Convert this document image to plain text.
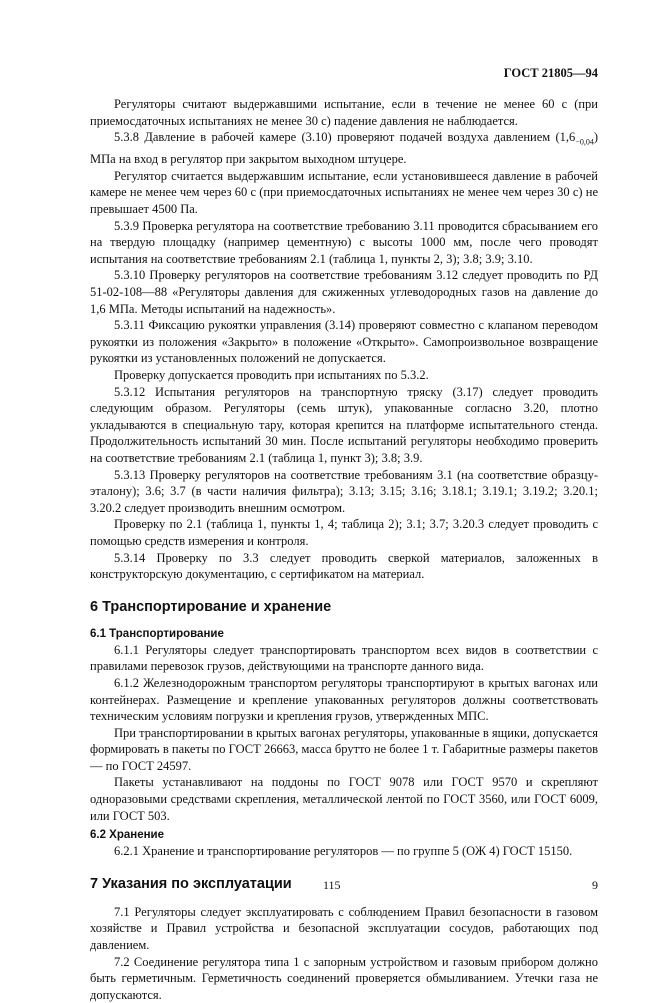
ГОСТ 21805—94

Регуляторы считают выдержавшими испытание, если в течение не менее 60 с (при приемосдаточных испытаниях не менее 30 с) падение давления не наблюдается.

5.3.8 Давление в рабочей камере (3.10) проверяют подачей воздуха давлением $(1,6_{-0,04})$ МПа на вход в регулятор при закрытом выходном штуцере.

Регулятор считается выдержавшим испытание, если установившееся давление в рабочей камере не менее чем через 60 с (при приемосдаточных испытаниях не менее чем через 30 с) не превышает 4500 Па.

5.3.9 Проверка регулятора на соответствие требованию 3.11 проводится сбрасыванием его на твердую площадку (например цементную) с высоты 1000 мм, после чего проводят испытания на соответствие требованиям 2.1 (таблица 1, пункты 2, 3); 3.8; 3.9; 3.10.

5.3.10 Проверку регуляторов на соответствие требованиям 3.12 следует проводить по РД 51-02-108—88 «Регуляторы давления для сжиженных углеводородных газов на давление до 1,6 МПа. Методы испытаний на надежность».

5.3.11 Фиксацию рукоятки управления (3.14) проверяют совместно с клапаном переводом рукоятки из положения «Закрыто» в положение «Открыто». Самопроизвольное возвращение рукоятки из установленных положений не допускается.

Проверку допускается проводить при испытаниях по 5.3.2.

5.3.12 Испытания регуляторов на транспортную тряску (3.17) следует проводить следующим образом. Регуляторы (семь штук), упакованные согласно 3.20, плотно укладываются в специальную тару, которая крепится на платформе испытательного стенда. Продолжительность испытаний 30 мин. После испытаний регуляторы необходимо проверить на соответствие требованиям 2.1 (таблица 1, пункт 3); 3.8; 3.9.

5.3.13 Проверку регуляторов на соответствие требованиям 3.1 (на соответствие образцу-эталону); 3.6; 3.7 (в части наличия фильтра); 3.13; 3.15; 3.16; 3.18.1; 3.19.1; 3.19.2; 3.20.1; 3.20.2 следует производить внешним осмотром.

Проверку по 2.1 (таблица 1, пункты 1, 4; таблица 2); 3.1; 3.7; 3.20.3 следует проводить с помощью средств измерения и контроля.

5.3.14 Проверку по 3.3 следует проводить сверкой материалов, заложенных в конструкторскую документацию, с сертификатом на материал.

6 Транспортирование и хранение
6.1 Транспортирование

6.1.1 Регуляторы следует транспортировать транспортом всех видов в соответствии с правилами перевозок грузов, действующими на транспорте данного вида.

6.1.2 Железнодорожным транспортом регуляторы транспортируют в крытых вагонах или контейнерах. Размещение и крепление упакованных регуляторов должны соответствовать техническим условиям погрузки и крепления грузов, утвержденных МПС.

При транспортировании в крытых вагонах регуляторы, упакованные в ящики, допускается формировать в пакеты по ГОСТ 26663, масса брутто не более 1 т. Габаритные размеры пакетов — по ГОСТ 24597.

Пакеты устанавливают на поддоны по ГОСТ 9078 или ГОСТ 9570 и скрепляют одноразовыми средствами скрепления, металлической лентой по ГОСТ 3560, или ГОСТ 6009, или ГОСТ 503.

6.2 Хранение

6.2.1 Хранение и транспортирование регуляторов — по группе 5 (ОЖ 4) ГОСТ 15150.

7 Указания по эксплуатации

7.1 Регуляторы следует эксплуатировать с соблюдением Правил безопасности в газовом хозяйстве и Правил устройства и безопасной эксплуатации сосудов, работающих под давлением.

7.2 Соединение регулятора типа 1 с запорным устройством и газовым прибором должно быть герметичным. Герметичность соединений проверяется обмыливанием. Утечки газа не допускаются.

115	9
